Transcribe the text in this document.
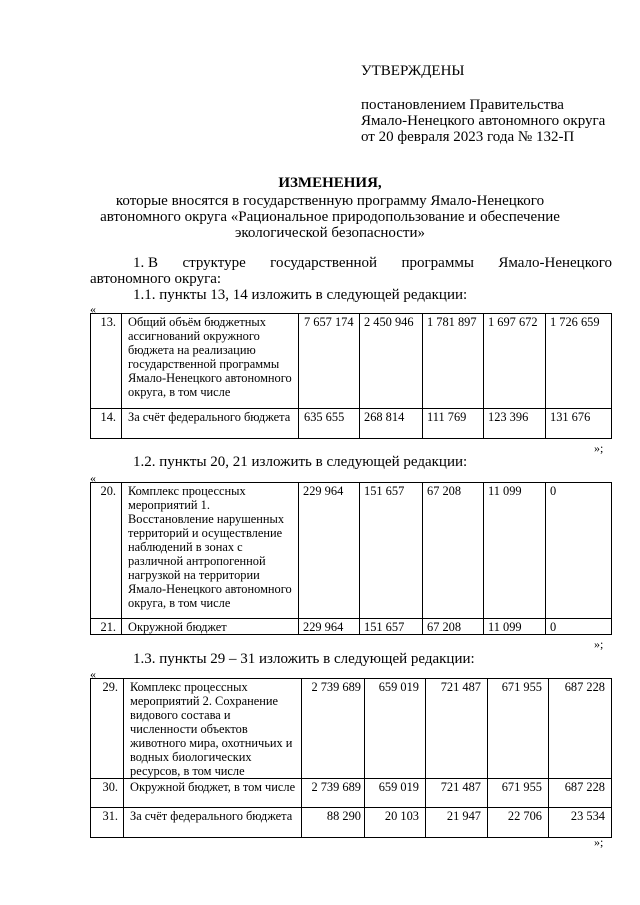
УТВЕРЖДЕНЫ
постановлением Правительства
Ямало-Ненецкого автономного округа
от 20 февраля 2023 года № 132-П
ИЗМЕНЕНИЯ,
которые вносятся в государственную программу Ямало-Ненецкого
автономного округа «Рациональное природопользование и обеспечение
экологической безопасности»
1. В структуре государственной программы Ямало-Ненецкого
автономного округа:
1.1. пункты 13, 14 изложить в следующей редакции:
«
13.	Общий объём бюджетных ассигнований окружного бюджета на реализацию государственной программы Ямало-Ненецкого автономного округа, в том числе	7 657 174	2 450 946	1 781 897	1 697 672	1 726 659
14.	За счёт федерального бюджета	635 655	268 814	111 769	123 396	131 676
»;
1.2. пункты 20, 21 изложить в следующей редакции:
«
20.	Комплекс процессных мероприятий 1. Восстановление нарушенных территорий и осуществление наблюдений в зонах с различной антропогенной нагрузкой на территории Ямало-Ненецкого автономного округа, в том числе	229 964	151 657	67 208	11 099	0
21.	Окружной бюджет	229 964	151 657	67 208	11 099	0
»;
1.3. пункты 29 – 31 изложить в следующей редакции:
«
29.	Комплекс процессных мероприятий 2. Сохранение видового состава и численности объектов животного мира, охотничьих и водных биологических ресурсов, в том числе	2 739 689	659 019	721 487	671 955	687 228
30.	Окружной бюджет, в том числе	2 739 689	659 019	721 487	671 955	687 228
31.	За счёт федерального бюджета	88 290	20 103	21 947	22 706	23 534
»;
